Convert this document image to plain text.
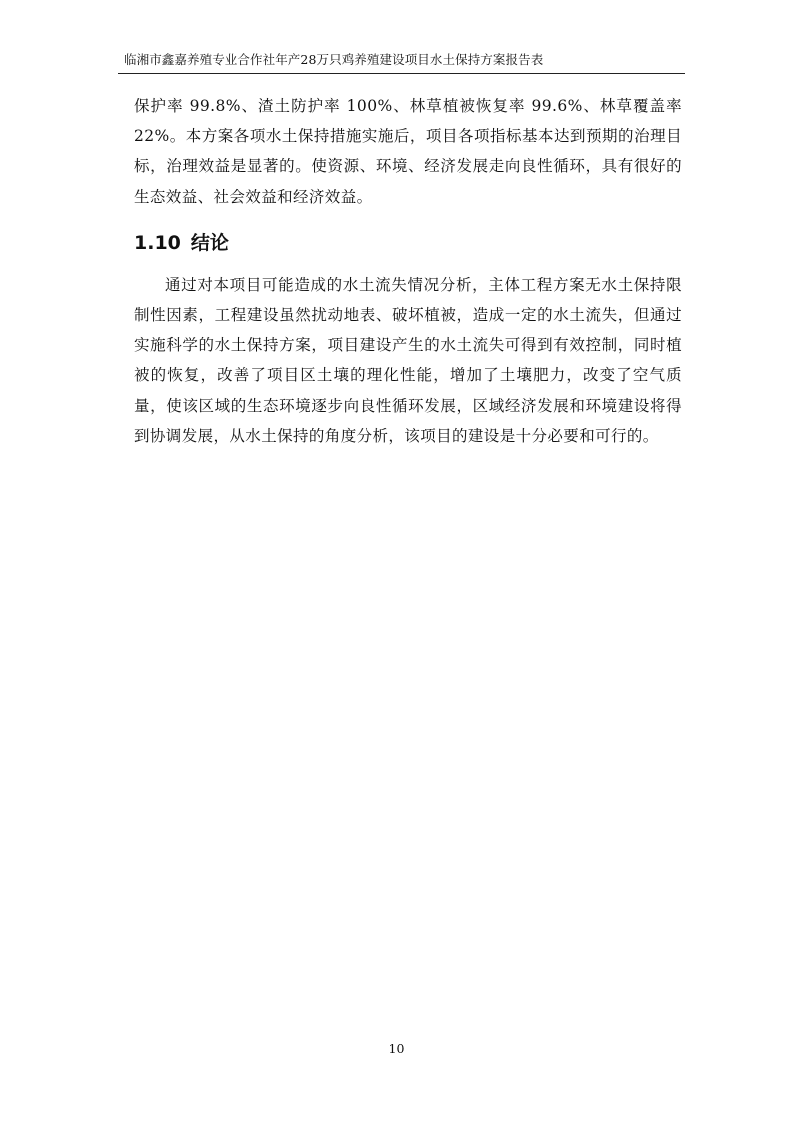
临湘市鑫嘉养殖专业合作社年产28万只鸡养殖建设项目水土保持方案报告表

保护率 99.8%、渣土防护率 100%、林草植被恢复率 99.6%、林草覆盖率 22%。本方案各项水土保持措施实施后，项目各项指标基本达到预期的治理目标，治理效益是显著的。使资源、环境、经济发展走向良性循环，具有很好的生态效益、社会效益和经济效益。

1.10 结论

通过对本项目可能造成的水土流失情况分析，主体工程方案无水土保持限制性因素，工程建设虽然扰动地表、破坏植被，造成一定的水土流失，但通过实施科学的水土保持方案，项目建设产生的水土流失可得到有效控制，同时植被的恢复，改善了项目区土壤的理化性能，增加了土壤肥力，改变了空气质量，使该区域的生态环境逐步向良性循环发展，区域经济发展和环境建设将得到协调发展，从水土保持的角度分析，该项目的建设是十分必要和可行的。

10
